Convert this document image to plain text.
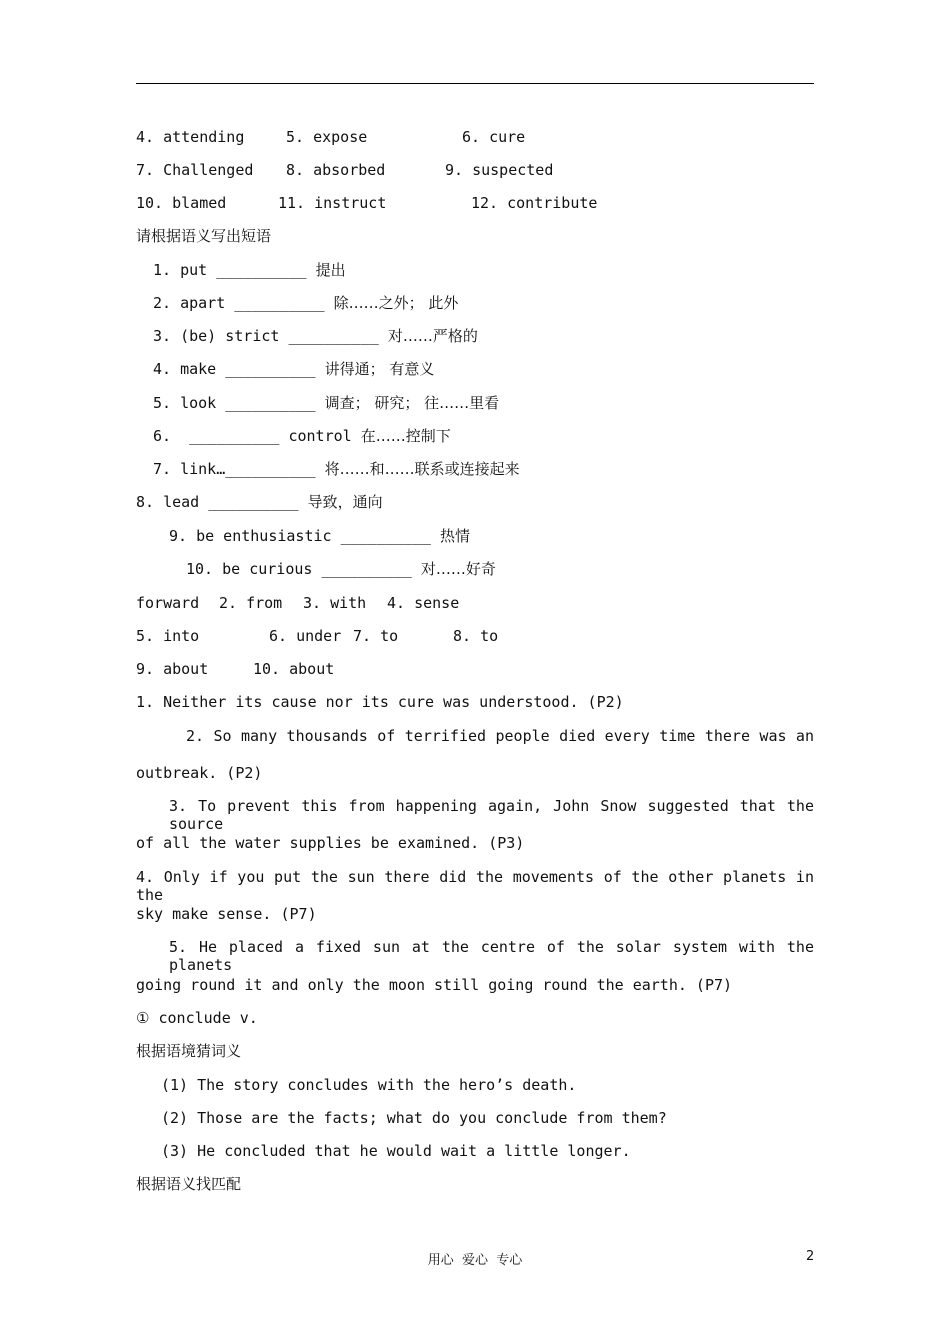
4. attending	5. expose	6. cure
7. Challenged 8. absorbed	9. suspected
10. blamed	11. instruct	12. contribute
请根据语义写出短语
1. put __________ 提出
2. apart __________ 除……之外； 此外
3. (be) strict __________ 对……严格的
4. make __________ 讲得通； 有意义
5. look __________ 调查； 研究； 往……里看
6.  __________ control 在……控制下
7. link…__________ 将……和……联系或连接起来
8. lead __________ 导致，通向
9. be enthusiastic __________ 热情
10. be curious __________ 对……好奇
forward 2. from 3. with 4. sense
5. into	6. under 7. to	8. to
9. about	10. about
1. Neither its cause nor its cure was understood. (P2)
2. So many thousands of terrified people died every time there was an
outbreak. (P2)
3. To prevent this from happening again, John Snow suggested that the source
of all the water supplies be examined. (P3)
4. Only if you put the sun there did the movements of the other planets in the
sky make sense. (P7)
5. He placed a fixed sun at the centre of the solar system with the planets
going round it and only the moon still going round the earth. (P7)
① conclude v.
根据语境猜词义
(1) The story concludes with the hero’s death.
(2) Those are the facts; what do you conclude from them?
(3) He concluded that he would wait a little longer.
根据语义找匹配
用心  爱心  专心	2
